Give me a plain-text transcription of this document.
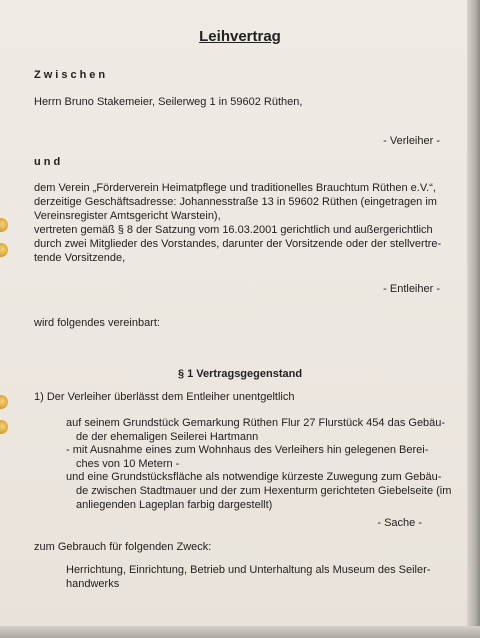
Leihvertrag

Zwischen

Herrn Bruno Stakemeier, Seilerweg 1 in 59602 Rüthen,

- Verleiher -

und

dem Verein „Förderverein Heimatpflege und traditionelles Brauchtum Rüthen e.V.“,

derzeitige Geschäftsadresse: Johannesstraße 13 in 59602 Rüthen (eingetragen im

Vereinsregister Amtsgericht Warstein),

vertreten gemäß § 8 der Satzung vom 16.03.2001 gerichtlich und außergerichtlich

durch zwei Mitglieder des Vorstandes, darunter der Vorsitzende oder der stellvertre-

tende Vorsitzende,

- Entleiher -

wird folgendes vereinbart:

§ 1 Vertragsgegenstand

1) Der Verleiher überlässt dem Entleiher unentgeltlich

auf seinem Grundstück Gemarkung Rüthen Flur 27 Flurstück 454 das Gebäu-

de der ehemaligen Seilerei Hartmann

- mit Ausnahme eines zum Wohnhaus des Verleihers hin gelegenen Berei-

ches von 10 Metern -

und eine Grundstücksfläche als notwendige kürzeste Zuwegung zum Gebäu-

de zwischen Stadtmauer und der zum Hexenturm gerichteten Giebelseite (im

anliegenden Lageplan farbig dargestellt)

- Sache -

zum Gebrauch für folgenden Zweck:

Herrichtung, Einrichtung, Betrieb und Unterhaltung als Museum des Seiler-

handwerks
